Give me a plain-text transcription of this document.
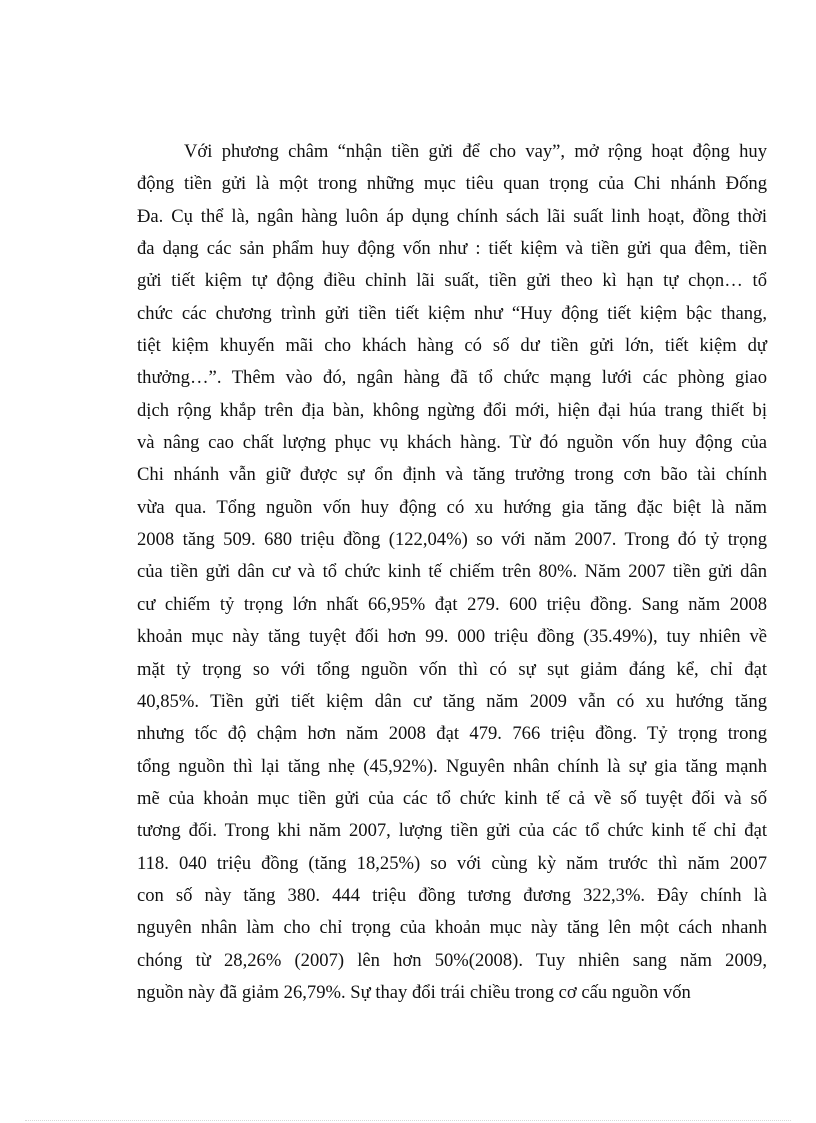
Với phương châm “nhận tiền gửi để cho vay”, mở rộng hoạt động huy
động tiền gửi là một trong những mục tiêu quan trọng của Chi nhánh Đống
Đa. Cụ thể là, ngân hàng luôn áp dụng chính sách lãi suất linh hoạt, đồng thời
đa dạng các sản phẩm huy động vốn như : tiết kiệm và tiền gửi qua đêm, tiền
gửi tiết kiệm tự động điều chỉnh lãi suất, tiền gửi theo kì hạn tự chọn… tổ
chức các chương trình gửi tiền tiết kiệm như “Huy động tiết kiệm bậc thang,
tiệt kiệm khuyến mãi cho khách hàng có số dư tiền gửi lớn, tiết kiệm dự
thưởng…”. Thêm vào đó, ngân hàng đã tổ chức mạng lưới các phòng giao
dịch rộng khắp trên địa bàn, không ngừng đổi mới, hiện đại húa trang thiết bị
và nâng cao chất lượng phục vụ khách hàng. Từ đó nguồn vốn huy động của
Chi nhánh vẫn giữ được sự ổn định và tăng trưởng trong cơn bão tài chính
vừa qua. Tổng nguồn vốn huy động có xu hướng gia tăng đặc biệt là năm
2008 tăng 509. 680 triệu đồng (122,04%) so với năm 2007. Trong đó tỷ trọng
của tiền gửi dân cư và tổ chức kinh tế chiếm trên 80%. Năm 2007 tiền gửi dân
cư chiếm tỷ trọng lớn nhất 66,95% đạt 279. 600 triệu đồng. Sang năm 2008
khoản mục này tăng tuyệt đối hơn 99. 000 triệu đồng (35.49%), tuy nhiên về
mặt tỷ trọng so với tổng nguồn vốn thì có sự sụt giảm đáng kể, chỉ đạt
40,85%. Tiền gửi tiết kiệm dân cư tăng năm 2009 vẫn có xu hướng tăng
nhưng tốc độ chậm hơn năm 2008 đạt 479. 766 triệu đồng. Tỷ trọng trong
tổng nguồn thì lại tăng nhẹ (45,92%). Nguyên nhân chính là sự gia tăng mạnh
mẽ của khoản mục tiền gửi của các tổ chức kinh tế cả về số tuyệt đối và số
tương đối. Trong khi năm 2007, lượng tiền gửi của các tổ chức kinh tế chỉ đạt
118. 040 triệu đồng (tăng 18,25%) so với cùng kỳ năm trước thì năm 2007
con số này tăng 380. 444 triệu đồng tương đương 322,3%. Đây chính là
nguyên nhân làm cho chỉ trọng của khoản mục này tăng lên một cách nhanh
chóng từ 28,26% (2007) lên hơn 50%(2008). Tuy nhiên sang năm 2009,
nguồn này đã giảm 26,79%. Sự thay đổi trái chiều trong cơ cấu nguồn vốn
